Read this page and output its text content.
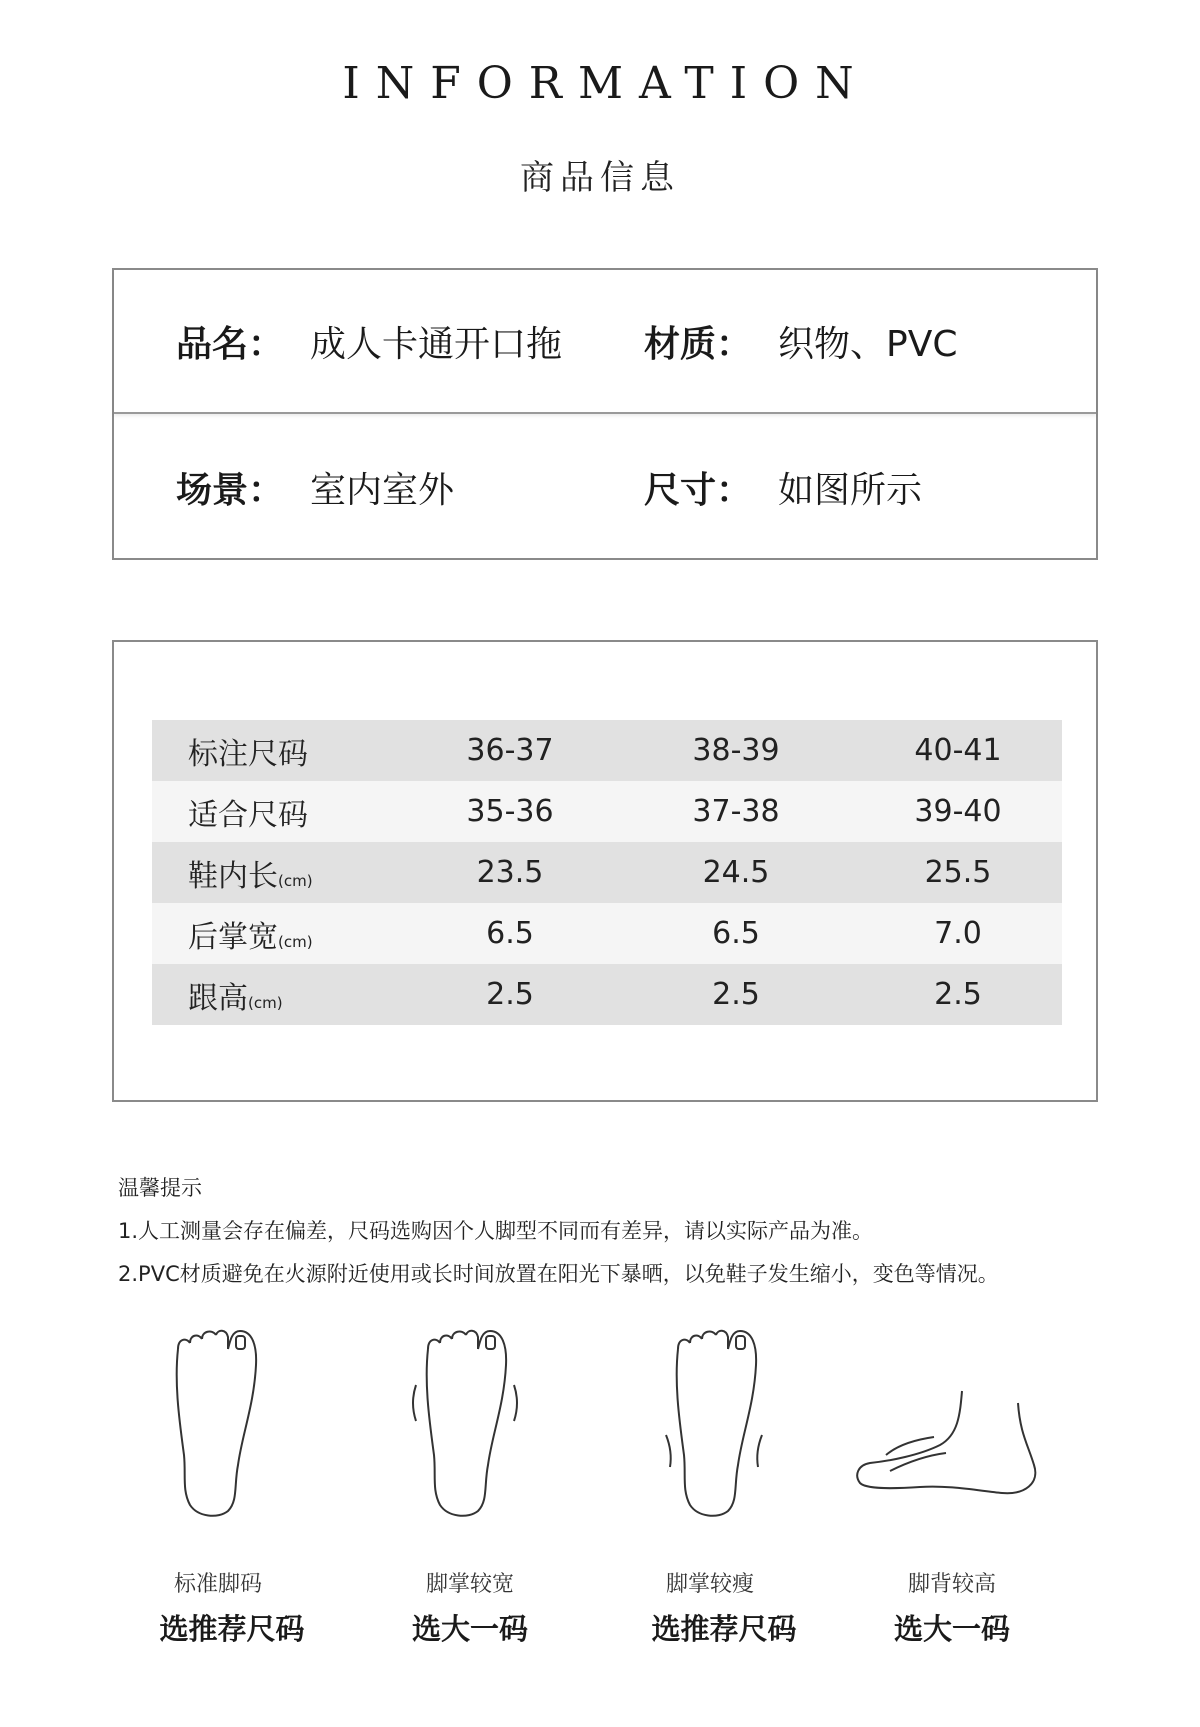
INFORMATION
商品信息
品名： 成人卡通开口拖 材质： 织物、PVC
场景： 室内室外	尺寸： 如图所示
标注尺码	36-37	38-39	40-41
适合尺码	35-36	37-38	39-40
鞋内长(cm)	23.5	24.5	25.5
后掌宽(cm)	6.5	6.5	7.0
跟高(cm)	2.5	2.5	2.5
温馨提示
1.人工测量会存在偏差，尺码选购因个人脚型不同而有差异，请以实际产品为准。
2.PVC材质避免在火源附近使用或长时间放置在阳光下暴晒，以免鞋子发生缩小，变色等情况。
标准脚码
选推荐尺码
脚掌较宽
选大一码
脚掌较瘦
选推荐尺码
脚背较高
选大一码
